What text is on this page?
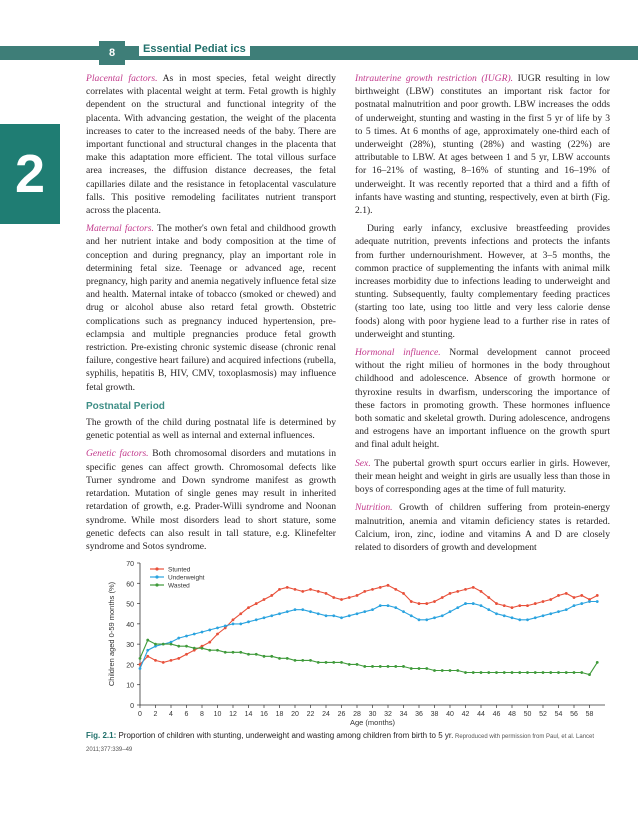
8	Essential Pediat ics
2

Placental factors. As in most species, fetal weight directly correlates with placental weight at term. Fetal growth is highly dependent on the structural and functional integrity of the placenta. With advancing gestation, the weight of the placenta increases to cater to the increased needs of the baby. There are important functional and structural changes in the placenta that make this adaptation more efficient. The total villous surface area increases, the diffusion distance decreases, the fetal capillaries dilate and the resistance in fetoplacental vasculature falls. This positive remodeling facilitates nutrient transport across the placenta.

Maternal factors. The mother's own fetal and childhood growth and her nutrient intake and body composition at the time of conception and during pregnancy, play an important role in determining fetal size. Teenage or advanced age, recent pregnancy, high parity and anemia negatively influence fetal size and health. Maternal intake of tobacco (smoked or chewed) and drug or alcohol abuse also retard fetal growth. Obstetric complications such as pregnancy induced hypertension, pre-eclampsia and multiple pregnancies produce fetal growth restriction. Pre-existing chronic systemic disease (chronic renal failure, congestive heart failure) and acquired infections (rubella, syphilis, hepatitis B, HIV, CMV, toxoplasmosis) may influence fetal growth.

Postnatal Period

The growth of the child during postnatal life is determined by genetic potential as well as internal and external influences.

Genetic factors. Both chromosomal disorders and mutations in specific genes can affect growth. Chromosomal defects like Turner syndrome and Down syndrome manifest as growth retardation. Mutation of single genes may result in inherited retardation of growth, e.g. Prader-Willi syndrome and Noonan syndrome. While most disorders lead to short stature, some genetic defects can also result in tall stature, e.g. Klinefelter syndrome and Sotos syndrome.

Intrauterine growth restriction (IUGR). IUGR resulting in low birthweight (LBW) constitutes an important risk factor for postnatal malnutrition and poor growth. LBW increases the odds of underweight, stunting and wasting in the first 5 yr of life by 3 to 5 times. At 6 months of age, approximately one-third each of underweight (28%), stunting (28%) and wasting (22%) are attributable to LBW. At ages between 1 and 5 yr, LBW accounts for 16–21% of wasting, 8–16% of stunting and 16–19% of underweight. It was recently reported that a third and a fifth of infants have wasting and stunting, respectively, even at birth (Fig. 2.1).

During early infancy, exclusive breastfeeding provides adequate nutrition, prevents infections and protects the infants from further undernourishment. However, at 3–5 months, the common practice of supplementing the infants with animal milk increases morbidity due to infections leading to underweight and stunting. Subsequently, faulty complementary feeding practices (starting too late, using too little and very less calorie dense foods) along with poor hygiene lead to a further rise in rates of underweight and stunting.

Hormonal influence. Normal development cannot proceed without the right milieu of hormones in the body throughout childhood and adolescence. Absence of growth hormone or thyroxine results in dwarfism, underscoring the importance of these factors in promoting growth. These hormones influence both somatic and skeletal growth. During adolescence, androgens and estrogens have an important influence on the growth spurt and final adult height.

Sex. The pubertal growth spurt occurs earlier in girls. However, their mean height and weight in girls are usually less than those in boys of corresponding ages at the time of full maturity.

Nutrition. Growth of children suffering from protein-energy malnutrition, anemia and vitamin deficiency states is retarded. Calcium, iron, zinc, iodine and vitamins A and D are closely related to disorders of growth and development

0
10
20
30
40
50
60
70
0 2 4 6 8 10 12 14 16 18 20 22 24 26 28 30 32 34 36 38 40 42 44 46 48 50 52 54 56 58
Age (months)
Children aged 0-59 months (%)
Stunted
Underweight
Wasted
Fig. 2.1: Proportion of children with stunting, underweight and wasting among children from birth to 5 yr. Reproduced with permission from Paul, et al. Lancet 2011;377:339–49
